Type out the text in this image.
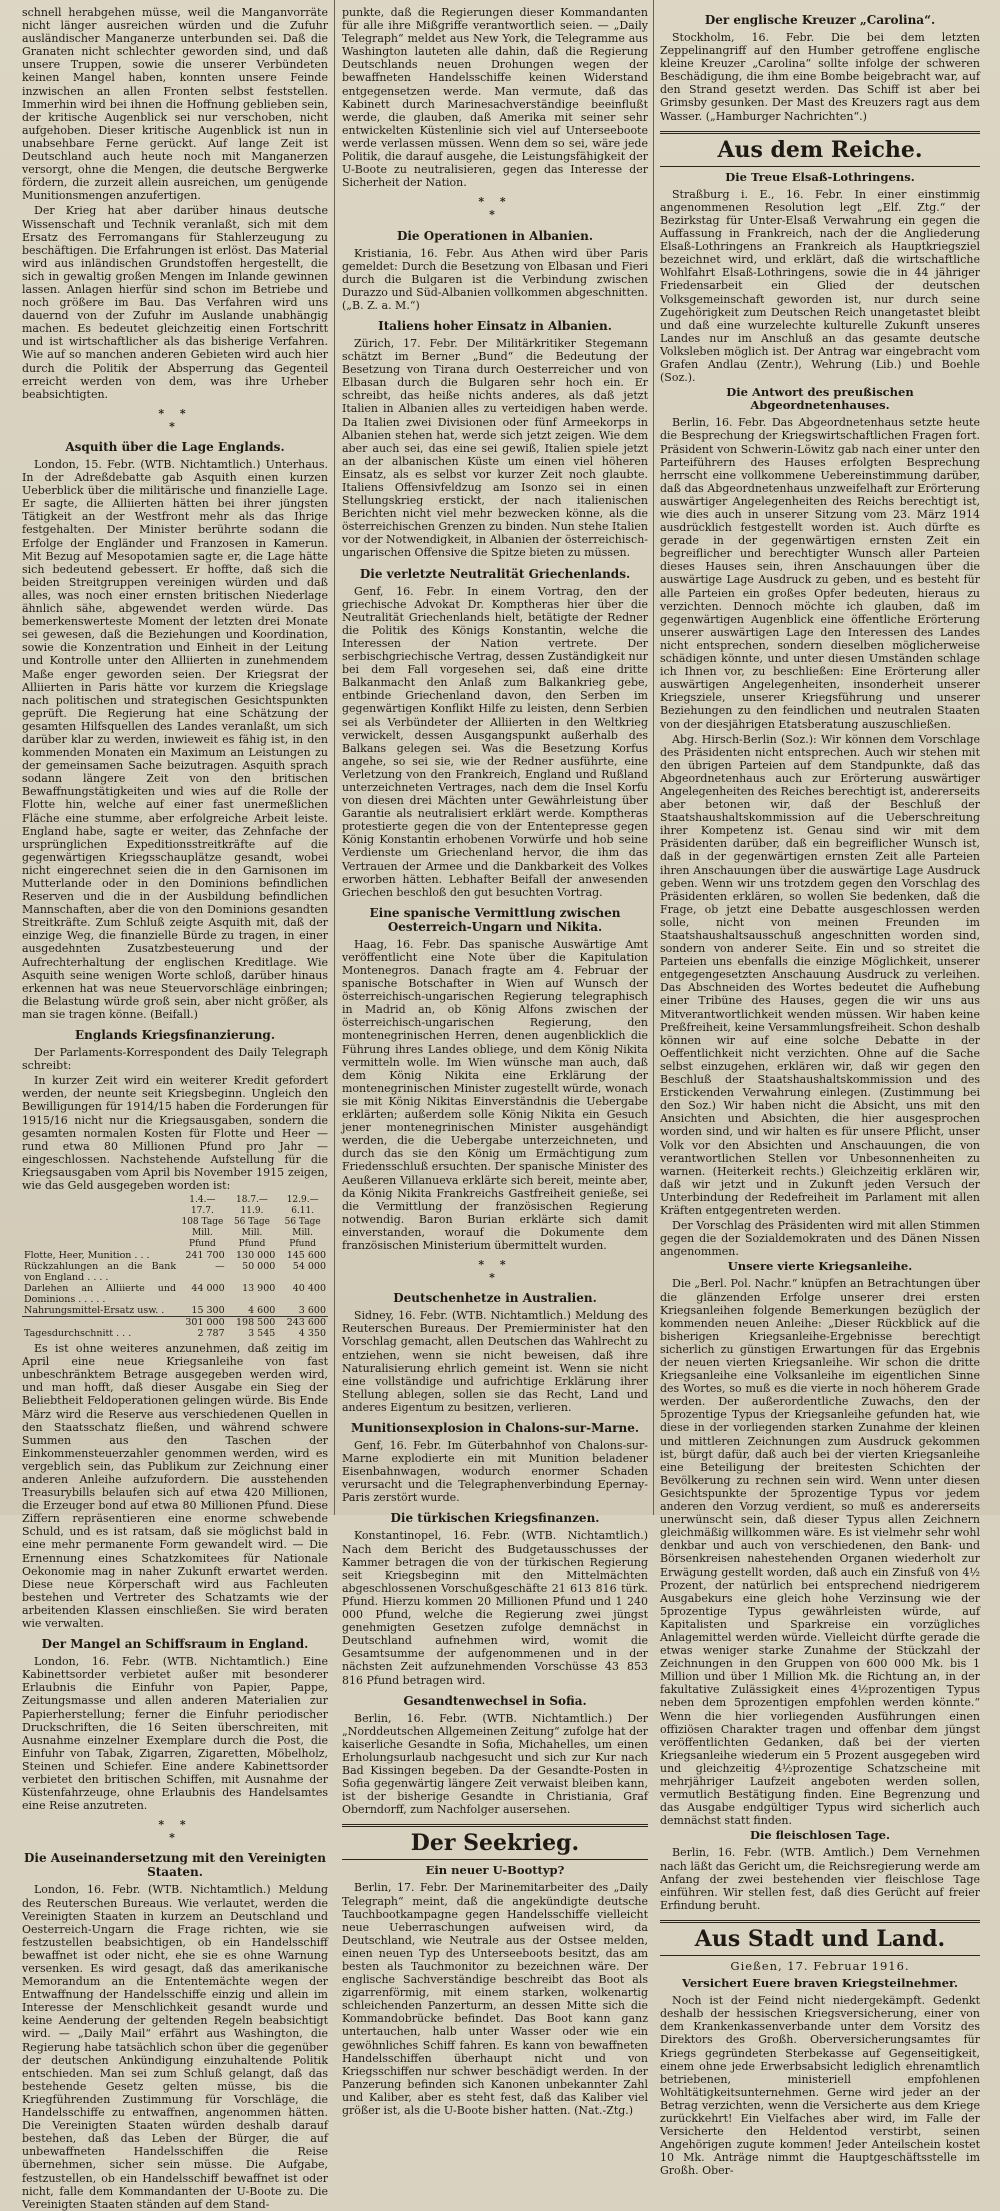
schnell herabgehen müsse, weil die Manganvorräte nicht länger ausreichen würden und die Zufuhr ausländischer Manganerze unterbunden sei. Daß die Granaten nicht schlechter geworden sind, und daß unsere Truppen, sowie die unserer Verbündeten keinen Mangel haben, konnten unsere Feinde inzwischen an allen Fronten selbst feststellen. Immerhin wird bei ihnen die Hoffnung geblieben sein, der kritische Augenblick sei nur verschoben, nicht aufgehoben. Dieser kritische Augenblick ist nun in unabsehbare Ferne gerückt. Auf lange Zeit ist Deutschland auch heute noch mit Manganerzen versorgt, ohne die Mengen, die deutsche Bergwerke fördern, die zurzeit allein ausreichen, um genügende Munitionsmengen anzufertigen.

Der Krieg hat aber darüber hinaus deutsche Wissenschaft und Technik veranlaßt, sich mit dem Ersatz des Ferromangans für Stahlerzeugung zu beschäftigen. Die Erfahrungen ist erlöst. Das Material wird aus inländischen Grundstoffen hergestellt, die sich in gewaltig großen Mengen im Inlande gewinnen lassen. Anlagen hierfür sind schon im Betriebe und noch größere im Bau. Das Verfahren wird uns dauernd von der Zufuhr im Auslande unabhängig machen. Es bedeutet gleichzeitig einen Fortschritt und ist wirtschaftlicher als das bisherige Verfahren. Wie auf so manchen anderen Gebieten wird auch hier durch die Politik der Absperrung das Gegenteil erreicht werden von dem, was ihre Urheber beabsichtigten.

* *
*
Asquith über die Lage Englands.

London, 15. Febr. (WTB. Nichtamtlich.) Unterhaus. In der Adreßdebatte gab Asquith einen kurzen Ueberblick über die militärische und finanzielle Lage. Er sagte, die Alliierten hätten bei ihrer jüngsten Tätigkeit an der Westfront mehr als das Ihrige festgehalten. Der Minister berührte sodann die Erfolge der Engländer und Franzosen in Kamerun. Mit Bezug auf Mesopotamien sagte er, die Lage hätte sich bedeutend gebessert. Er hoffte, daß sich die beiden Streitgruppen vereinigen würden und daß alles, was noch einer ernsten britischen Niederlage ähnlich sähe, abgewendet werden würde. Das bemerkenswerteste Moment der letzten drei Monate sei gewesen, daß die Beziehungen und Koordination, sowie die Konzentration und Einheit in der Leitung und Kontrolle unter den Alliierten in zunehmendem Maße enger geworden seien. Der Kriegsrat der Alliierten in Paris hätte vor kurzem die Kriegslage nach politischen und strategischen Gesichtspunkten geprüft. Die Regierung hat eine Schätzung der gesamten Hilfsquellen des Landes veranlaßt, um sich darüber klar zu werden, inwieweit es fähig ist, in den kommenden Monaten ein Maximum an Leistungen zu der gemeinsamen Sache beizutragen. Asquith sprach sodann längere Zeit von den britischen Bewaffnungstätigkeiten und wies auf die Rolle der Flotte hin, welche auf einer fast unermeßlichen Fläche eine stumme, aber erfolgreiche Arbeit leiste. England habe, sagte er weiter, das Zehnfache der ursprünglichen Expeditionsstreitkräfte auf die gegenwärtigen Kriegsschauplätze gesandt, wobei nicht eingerechnet seien die in den Garnisonen im Mutterlande oder in den Dominions befindlichen Reserven und die in der Ausbildung befindlichen Mannschaften, aber die von den Dominions gesandten Streitkräfte. Zum Schluß zeigte Asquith mit, daß der einzige Weg, die finanzielle Bürde zu tragen, in einer ausgedehnten Zusatzbesteuerung und der Aufrechterhaltung der englischen Kreditlage. Wie Asquith seine wenigen Worte schloß, darüber hinaus erkennen hat was neue Steuervorschläge einbringen; die Belastung würde groß sein, aber nicht größer, als man sie tragen könne. (Beifall.)

Englands Kriegsfinanzierung.

Der Parlaments-Korrespondent des Daily Telegraph schreibt:

In kurzer Zeit wird ein weiterer Kredit gefordert werden, der neunte seit Kriegsbeginn. Ungleich den Bewilligungen für 1914/15 haben die Forderungen für 1915/16 nicht nur die Kriegsausgaben, sondern die gesamten normalen Kosten für Flotte und Heer — rund etwa 80 Millionen Pfund pro Jahr — eingeschlossen. Nachstehende Aufstellung für die Kriegsausgaben vom April bis November 1915 zeigen, wie das Geld ausgegeben worden ist:

	1.4.—17.7.
108 Tage
Mill. Pfund	18.7.—11.9.
56 Tage
Mill. Pfund	12.9.—6.11.
56 Tage
Mill. Pfund
Flotte, Heer, Munition . . .	241 700	130 000	145 600
Rückzahlungen an die Bank von England . . . .	—	50 000	54 000
Darlehen an Alliierte und Dominions . . . . .	44 000	13 900	40 400
Nahrungsmittel-Ersatz usw. .	15 300	4 600	3 600
	301 000	198 500	243 600
Tagesdurchschnitt . . .	2 787	3 545	4 350

Es ist ohne weiteres anzunehmen, daß zeitig im April eine neue Kriegsanleihe von fast unbeschränktem Betrage ausgegeben werden wird, und man hofft, daß dieser Ausgabe ein Sieg der Beliebtheit Feldoperationen gelingen würde. Bis Ende März wird die Reserve aus verschiedenen Quellen in den Staatsschatz fließen, und während schwere Summen aus den Taschen der Einkommensteuerzahler genommen werden, wird es vergeblich sein, das Publikum zur Zeichnung einer anderen Anleihe aufzufordern. Die ausstehenden Treasurybills belaufen sich auf etwa 420 Millionen, die Erzeuger bond auf etwa 80 Millionen Pfund. Diese Ziffern repräsentieren eine enorme schwebende Schuld, und es ist ratsam, daß sie möglichst bald in eine mehr permanente Form gewandelt wird. — Die Ernennung eines Schatzkomitees für Nationale Oekonomie mag in naher Zukunft erwartet werden. Diese neue Körperschaft wird aus Fachleuten bestehen und Vertreter des Schatzamts wie der arbeitenden Klassen einschließen. Sie wird beraten wie verwalten.

Der Mangel an Schiffsraum in England.

London, 16. Febr. (WTB. Nichtamtlich.) Eine Kabinettsorder verbietet außer mit besonderer Erlaubnis die Einfuhr von Papier, Pappe, Zeitungsmasse und allen anderen Materialien zur Papierherstellung; ferner die Einfuhr periodischer Druckschriften, die 16 Seiten überschreiten, mit Ausnahme einzelner Exemplare durch die Post, die Einfuhr von Tabak, Zigarren, Zigaretten, Möbelholz, Steinen und Schiefer. Eine andere Kabinettsorder verbietet den britischen Schiffen, mit Ausnahme der Küstenfahrzeuge, ohne Erlaubnis des Handelsamtes eine Reise anzutreten.

* *
*
Die Auseinandersetzung mit den Vereinigten Staaten.

London, 16. Febr. (WTB. Nichtamtlich.) Meldung des Reuterschen Bureaus. Wie verlautet, werden die Vereinigten Staaten in kurzem an Deutschland und Oesterreich-Ungarn die Frage richten, wie sie festzustellen beabsichtigen, ob ein Handelsschiff bewaffnet ist oder nicht, ehe sie es ohne Warnung versenken. Es wird gesagt, daß das amerikanische Memorandum an die Ententemächte wegen der Entwaffnung der Handelsschiffe einzig und allein im Interesse der Menschlichkeit gesandt wurde und keine Aenderung der geltenden Regeln beabsichtigt wird. — „Daily Mail“ erfährt aus Washington, die Regierung habe tatsächlich schon über die gegenüber der deutschen Ankündigung einzuhaltende Politik entschieden. Man sei zum Schluß gelangt, daß das bestehende Gesetz gelten müsse, bis die Kriegführenden Zustimmung für Vorschläge, die Handelsschiffe zu entwaffnen, angenommen hätten. Die Vereinigten Staaten würden deshalb darauf bestehen, daß das Leben der Bürger, die auf unbewaffneten Handelsschiffen die Reise übernehmen, sicher sein müsse. Die Aufgabe, festzustellen, ob ein Handelsschiff bewaffnet ist oder nicht, falle dem Kommandanten der U-Boote zu. Die Vereinigten Staaten ständen auf dem Stand-

punkte, daß die Regierungen dieser Kommandanten für alle ihre Mißgriffe verantwortlich seien. — „Daily Telegraph“ meldet aus New York, die Telegramme aus Washington lauteten alle dahin, daß die Regierung Deutschlands neuen Drohungen wegen der bewaffneten Handelsschiffe keinen Widerstand entgegensetzen werde. Man vermute, daß das Kabinett durch Marinesachverständige beeinflußt werde, die glauben, daß Amerika mit seiner sehr entwickelten Küstenlinie sich viel auf Unterseeboote werde verlassen müssen. Wenn dem so sei, wäre jede Politik, die darauf ausgehe, die Leistungsfähigkeit der U-Boote zu neutralisieren, gegen das Interesse der Sicherheit der Nation.

* *
*
Die Operationen in Albanien.

Kristiania, 16. Febr. Aus Athen wird über Paris gemeldet: Durch die Besetzung von Elbasan und Fieri durch die Bulgaren ist die Verbindung zwischen Durazzo und Süd-Albanien vollkommen abgeschnitten. („B. Z. a. M.“)

Italiens hoher Einsatz in Albanien.

Zürich, 17. Febr. Der Militärkritiker Stegemann schätzt im Berner „Bund“ die Bedeutung der Besetzung von Tirana durch Oesterreicher und von Elbasan durch die Bulgaren sehr hoch ein. Er schreibt, das heiße nichts anderes, als daß jetzt Italien in Albanien alles zu verteidigen haben werde. Da Italien zwei Divisionen oder fünf Armeekorps in Albanien stehen hat, werde sich jetzt zeigen. Wie dem aber auch sei, das eine sei gewiß, Italien spiele jetzt an der albanischen Küste um einen viel höheren Einsatz, als es selbst vor kurzer Zeit noch glaubte. Italiens Offensivfeldzug am Isonzo sei in einen Stellungskrieg erstickt, der nach italienischen Berichten nicht viel mehr bezwecken könne, als die österreichischen Grenzen zu binden. Nun stehe Italien vor der Notwendigkeit, in Albanien der österreichisch-ungarischen Offensive die Spitze bieten zu müssen.

Die verletzte Neutralität Griechenlands.

Genf, 16. Febr. In einem Vortrag, den der griechische Advokat Dr. Komptheras hier über die Neutralität Griechenlands hielt, betätigte der Redner die Politik des Königs Konstantin, welche die Interessen der Nation vertrete. Der serbischgriechische Vertrag, dessen Zuständigkeit nur bei dem Fall vorgesehen sei, daß eine dritte Balkanmacht den Anlaß zum Balkankrieg gebe, entbinde Griechenland davon, den Serben im gegenwärtigen Konflikt Hilfe zu leisten, denn Serbien sei als Verbündeter der Alliierten in den Weltkrieg verwickelt, dessen Ausgangspunkt außerhalb des Balkans gelegen sei. Was die Besetzung Korfus angehe, so sei sie, wie der Redner ausführte, eine Verletzung von den Frankreich, England und Rußland unterzeichneten Vertrages, nach dem die Insel Korfu von diesen drei Mächten unter Gewährleistung über Garantie als neutralisiert erklärt werde. Komptheras protestierte gegen die von der Ententepresse gegen König Konstantin erhobenen Vorwürfe und hob seine Verdienste um Griechenland hervor, die ihm das Vertrauen der Armee und die Dankbarkeit des Volkes erworben hätten. Lebhafter Beifall der anwesenden Griechen beschloß den gut besuchten Vortrag.

Eine spanische Vermittlung zwischen Oesterreich-Ungarn und Nikita.

Haag, 16. Febr. Das spanische Auswärtige Amt veröffentlicht eine Note über die Kapitulation Montenegros. Danach fragte am 4. Februar der spanische Botschafter in Wien auf Wunsch der österreichisch-ungarischen Regierung telegraphisch in Madrid an, ob König Alfons zwischen der österreichisch-ungarischen Regierung, den montenegrinischen Herren, denen augenblicklich die Führung ihres Landes obliege, und dem König Nikita vermitteln wolle. Im Wien wünsche man auch, daß dem König Nikita eine Erklärung der montenegrinischen Minister zugestellt würde, wonach sie mit König Nikitas Einverständnis die Uebergabe erklärten; außerdem solle König Nikita ein Gesuch jener montenegrinischen Minister ausgehändigt werden, die die Uebergabe unterzeichneten, und durch das sie den König um Ermächtigung zum Friedensschluß ersuchten. Der spanische Minister des Aeußeren Villanueva erklärte sich bereit, meinte aber, da König Nikita Frankreichs Gastfreiheit genieße, sei die Vermittlung der französischen Regierung notwendig. Baron Burian erklärte sich damit einverstanden, worauf die Dokumente dem französischen Ministerium übermittelt wurden.

* *
*
Deutschenhetze in Australien.

Sidney, 16. Febr. (WTB. Nichtamtlich.) Meldung des Reuterschen Bureaus. Der Premierminister hat den Vorschlag gemacht, allen Deutschen das Wahlrecht zu entziehen, wenn sie nicht beweisen, daß ihre Naturalisierung ehrlich gemeint ist. Wenn sie nicht eine vollständige und aufrichtige Erklärung ihrer Stellung ablegen, sollen sie das Recht, Land und anderes Eigentum zu besitzen, verlieren.

Munitionsexplosion in Chalons-sur-Marne.

Genf, 16. Febr. Im Güterbahnhof von Chalons-sur-Marne explodierte ein mit Munition beladener Eisenbahnwagen, wodurch enormer Schaden verursacht und die Telegraphenverbindung Epernay-Paris zerstört wurde.

Die türkischen Kriegsfinanzen.

Konstantinopel, 16. Febr. (WTB. Nichtamtlich.) Nach dem Bericht des Budgetausschusses der Kammer betragen die von der türkischen Regierung seit Kriegsbeginn mit den Mittelmächten abgeschlossenen Vorschußgeschäfte 21 613 816 türk. Pfund. Hierzu kommen 20 Millionen Pfund und 1 240 000 Pfund, welche die Regierung zwei jüngst genehmigten Gesetzen zufolge demnächst in Deutschland aufnehmen wird, womit die Gesamtsumme der aufgenommenen und in der nächsten Zeit aufzunehmenden Vorschüsse 43 853 816 Pfund betragen wird.

Gesandtenwechsel in Sofia.

Berlin, 16. Febr. (WTB. Nichtamtlich.) Der „Norddeutschen Allgemeinen Zeitung“ zufolge hat der kaiserliche Gesandte in Sofia, Michahelles, um einen Erholungsurlaub nachgesucht und sich zur Kur nach Bad Kissingen begeben. Da der Gesandte-Posten in Sofia gegenwärtig längere Zeit verwaist bleiben kann, ist der bisherige Gesandte in Christiania, Graf Oberndorff, zum Nachfolger ausersehen.

Der Seekrieg.
Ein neuer U-Boottyp?

Berlin, 17. Febr. Der Marinemitarbeiter des „Daily Telegraph“ meint, daß die angekündigte deutsche Tauchbootkampagne gegen Handelsschiffe vielleicht neue Ueberraschungen aufweisen wird, da Deutschland, wie Neutrale aus der Ostsee melden, einen neuen Typ des Unterseeboots besitzt, das am besten als Tauchmonitor zu bezeichnen wäre. Der englische Sachverständige beschreibt das Boot als zigarrenförmig, mit einem starken, wolkenartig schleichenden Panzerturm, an dessen Mitte sich die Kommandobrücke befindet. Das Boot kann ganz untertauchen, halb unter Wasser oder wie ein gewöhnliches Schiff fahren. Es kann von bewaffneten Handelsschiffen überhaupt nicht und von Kriegsschiffen nur schwer beschädigt werden. In der Panzerung befinden sich Kanonen unbekannter Zahl und Kaliber, aber es steht fest, daß das Kaliber viel größer ist, als die U-Boote bisher hatten. (Nat.-Ztg.)

Der englische Kreuzer „Carolina“.

Stockholm, 16. Febr. Die bei dem letzten Zeppelinangriff auf den Humber getroffene englische kleine Kreuzer „Carolina“ sollte infolge der schweren Beschädigung, die ihm eine Bombe beigebracht war, auf den Strand gesetzt werden. Das Schiff ist aber bei Grimsby gesunken. Der Mast des Kreuzers ragt aus dem Wasser. („Hamburger Nachrichten“.)

Aus dem Reiche.
Die Treue Elsaß-Lothringens.

Straßburg i. E., 16. Febr. In einer einstimmig angenommenen Resolution legt „Elf. Ztg.“ der Bezirkstag für Unter-Elsaß Verwahrung ein gegen die Auffassung in Frankreich, nach der die Angliederung Elsaß-Lothringens an Frankreich als Hauptkriegsziel bezeichnet wird, und erklärt, daß die wirtschaftliche Wohlfahrt Elsaß-Lothringens, sowie die in 44 jähriger Friedensarbeit ein Glied der deutschen Volksgemeinschaft geworden ist, nur durch seine Zugehörigkeit zum Deutschen Reich unangetastet bleibt und daß eine wurzelechte kulturelle Zukunft unseres Landes nur im Anschluß an das gesamte deutsche Volksleben möglich ist. Der Antrag war eingebracht vom Grafen Andlau (Zentr.), Wehrung (Lib.) und Boehle (Soz.).

Die Antwort des preußischen Abgeordnetenhauses.

Berlin, 16. Febr. Das Abgeordnetenhaus setzte heute die Besprechung der Kriegswirtschaftlichen Fragen fort. Präsident von Schwerin-Löwitz gab nach einer unter den Parteiführern des Hauses erfolgten Besprechung herrscht eine vollkommene Uebereinstimmung darüber, daß das Abgeordnetenhaus unzweifelhaft zur Erörterung auswärtiger Angelegenheiten des Reichs berechtigt ist, wie dies auch in unserer Sitzung vom 23. März 1914 ausdrücklich festgestellt worden ist. Auch dürfte es gerade in der gegenwärtigen ernsten Zeit ein begreiflicher und berechtigter Wunsch aller Parteien dieses Hauses sein, ihren Anschauungen über die auswärtige Lage Ausdruck zu geben, und es besteht für alle Parteien ein großes Opfer bedeuten, hieraus zu verzichten. Dennoch möchte ich glauben, daß im gegenwärtigen Augenblick eine öffentliche Erörterung unserer auswärtigen Lage den Interessen des Landes nicht entsprechen, sondern dieselben möglicherweise schädigen könnte, und unter diesen Umständen schlage ich Ihnen vor, zu beschließen: Eine Erörterung aller auswärtigen Angelegenheiten, insonderheit unserer Kriegsziele, unserer Kriegsführung und unserer Beziehungen zu den feindlichen und neutralen Staaten von der diesjährigen Etatsberatung auszuschließen.

Abg. Hirsch-Berlin (Soz.): Wir können dem Vorschlage des Präsidenten nicht entsprechen. Auch wir stehen mit den übrigen Parteien auf dem Standpunkte, daß das Abgeordnetenhaus auch zur Erörterung auswärtiger Angelegenheiten des Reiches berechtigt ist, andererseits aber betonen wir, daß der Beschluß der Staatshaushaltskommission auf die Ueberschreitung ihrer Kompetenz ist. Genau sind wir mit dem Präsidenten darüber, daß ein begreiflicher Wunsch ist, daß in der gegenwärtigen ernsten Zeit alle Parteien ihren Anschauungen über die auswärtige Lage Ausdruck geben. Wenn wir uns trotzdem gegen den Vorschlag des Präsidenten erklären, so wollen Sie bedenken, daß die Frage, ob jetzt eine Debatte ausgeschlossen werden solle, nicht von meinen Freunden im Staatshaushaltsausschuß angeschnitten worden sind, sondern von anderer Seite. Ein und so streitet die Parteien uns ebenfalls die einzige Möglichkeit, unserer entgegengesetzten Anschauung Ausdruck zu verleihen. Das Abschneiden des Wortes bedeutet die Aufhebung einer Tribüne des Hauses, gegen die wir uns aus Mitverantwortlichkeit wenden müssen. Wir haben keine Preßfreiheit, keine Versammlungsfreiheit. Schon deshalb können wir auf eine solche Debatte in der Oeffentlichkeit nicht verzichten. Ohne auf die Sache selbst einzugehen, erklären wir, daß wir gegen den Beschluß der Staatshaushaltskommission und des Erstickenden Verwahrung einlegen. (Zustimmung bei den Soz.) Wir haben nicht die Absicht, uns mit den Ansichten und Absichten, die hier ausgesprochen worden sind, und wir halten es für unsere Pflicht, unser Volk vor den Absichten und Anschauungen, die von verantwortlichen Stellen vor Unbesonnenheiten zu warnen. (Heiterkeit rechts.) Gleichzeitig erklären wir, daß wir jetzt und in Zukunft jeden Versuch der Unterbindung der Redefreiheit im Parlament mit allen Kräften entgegentreten werden.

Der Vorschlag des Präsidenten wird mit allen Stimmen gegen die der Sozialdemokraten und des Dänen Nissen angenommen.

Unsere vierte Kriegsanleihe.

Die „Berl. Pol. Nachr.“ knüpfen an Betrachtungen über die glänzenden Erfolge unserer drei ersten Kriegsanleihen folgende Bemerkungen bezüglich der kommenden neuen Anleihe: „Dieser Rückblick auf die bisherigen Kriegsanleihe-Ergebnisse berechtigt sicherlich zu günstigen Erwartungen für das Ergebnis der neuen vierten Kriegsanleihe. Wir schon die dritte Kriegsanleihe eine Volksanleihe im eigentlichen Sinne des Wortes, so muß es die vierte in noch höherem Grade werden. Der außerordentliche Zuwachs, den der 5prozentige Typus der Kriegsanleihe gefunden hat, wie diese in der vorliegenden starken Zunahme der kleinen und mittleren Zeichnungen zum Ausdruck gekommen ist, bürgt dafür, daß auch bei der vierten Kriegsanleihe eine Beteiligung der breitesten Schichten der Bevölkerung zu rechnen sein wird. Wenn unter diesen Gesichtspunkte der 5prozentige Typus vor jedem anderen den Vorzug verdient, so muß es andererseits unerwünscht sein, daß dieser Typus allen Zeichnern gleichmäßig willkommen wäre. Es ist vielmehr sehr wohl denkbar und auch von verschiedenen, den Bank- und Börsenkreisen nahestehenden Organen wiederholt zur Erwägung gestellt worden, daß auch ein Zinsfuß von 4½ Prozent, der natürlich bei entsprechend niedrigerem Ausgabekurs eine gleich hohe Verzinsung wie der 5prozentige Typus gewährleisten würde, auf Kapitalisten und Sparkreise ein vorzügliches Anlagemittel werden würde. Vielleicht dürfte gerade die etwas weniger starke Zunahme der Stückzahl der Zeichnungen in den Gruppen von 600 000 Mk. bis 1 Million und über 1 Million Mk. die Richtung an, in der fakultative Zulässigkeit eines 4½prozentigen Typus neben dem 5prozentigen empfohlen werden könnte.“ Wenn die hier vorliegenden Ausführungen einen offiziösen Charakter tragen und offenbar dem jüngst veröffentlichten Gedanken, daß bei der vierten Kriegsanleihe wiederum ein 5 Prozent ausgegeben wird und gleichzeitig 4½prozentige Schatzscheine mit mehrjähriger Laufzeit angeboten werden sollen, vermutlich Bestätigung finden. Eine Begrenzung und das Ausgabe endgültiger Typus wird sicherlich auch demnächst statt finden.

Die fleischlosen Tage.

Berlin, 16. Febr. (WTB. Amtlich.) Dem Vernehmen nach läßt das Gericht um, die Reichsregierung werde am Anfang der zwei bestehenden vier fleischlose Tage einführen. Wir stellen fest, daß dies Gerücht auf freier Erfindung beruht.

Aus Stadt und Land.
Gießen, 17. Februar 1916.
Versichert Euere braven Kriegsteilnehmer.

Noch ist der Feind nicht niedergekämpft. Gedenkt deshalb der hessischen Kriegsversicherung, einer von dem Krankenkassenverbande unter dem Vorsitz des Direktors des Großh. Oberversicherungsamtes für Kriegs gegründeten Sterbekasse auf Gegenseitigkeit, einem ohne jede Erwerbsabsicht lediglich ehrenamtlich betriebenen, ministeriell empfohlenen Wohltätigkeitsunternehmen. Gerne wird jeder an der Betrag verzichten, wenn die Versicherte aus dem Kriege zurückkehrt! Ein Vielfaches aber wird, im Falle der Versicherte den Heldentod verstirbt, seinen Angehörigen zugute kommen! Jeder Anteilschein kostet 10 Mk. Anträge nimmt die Hauptgeschäftsstelle im Großh. Ober-
